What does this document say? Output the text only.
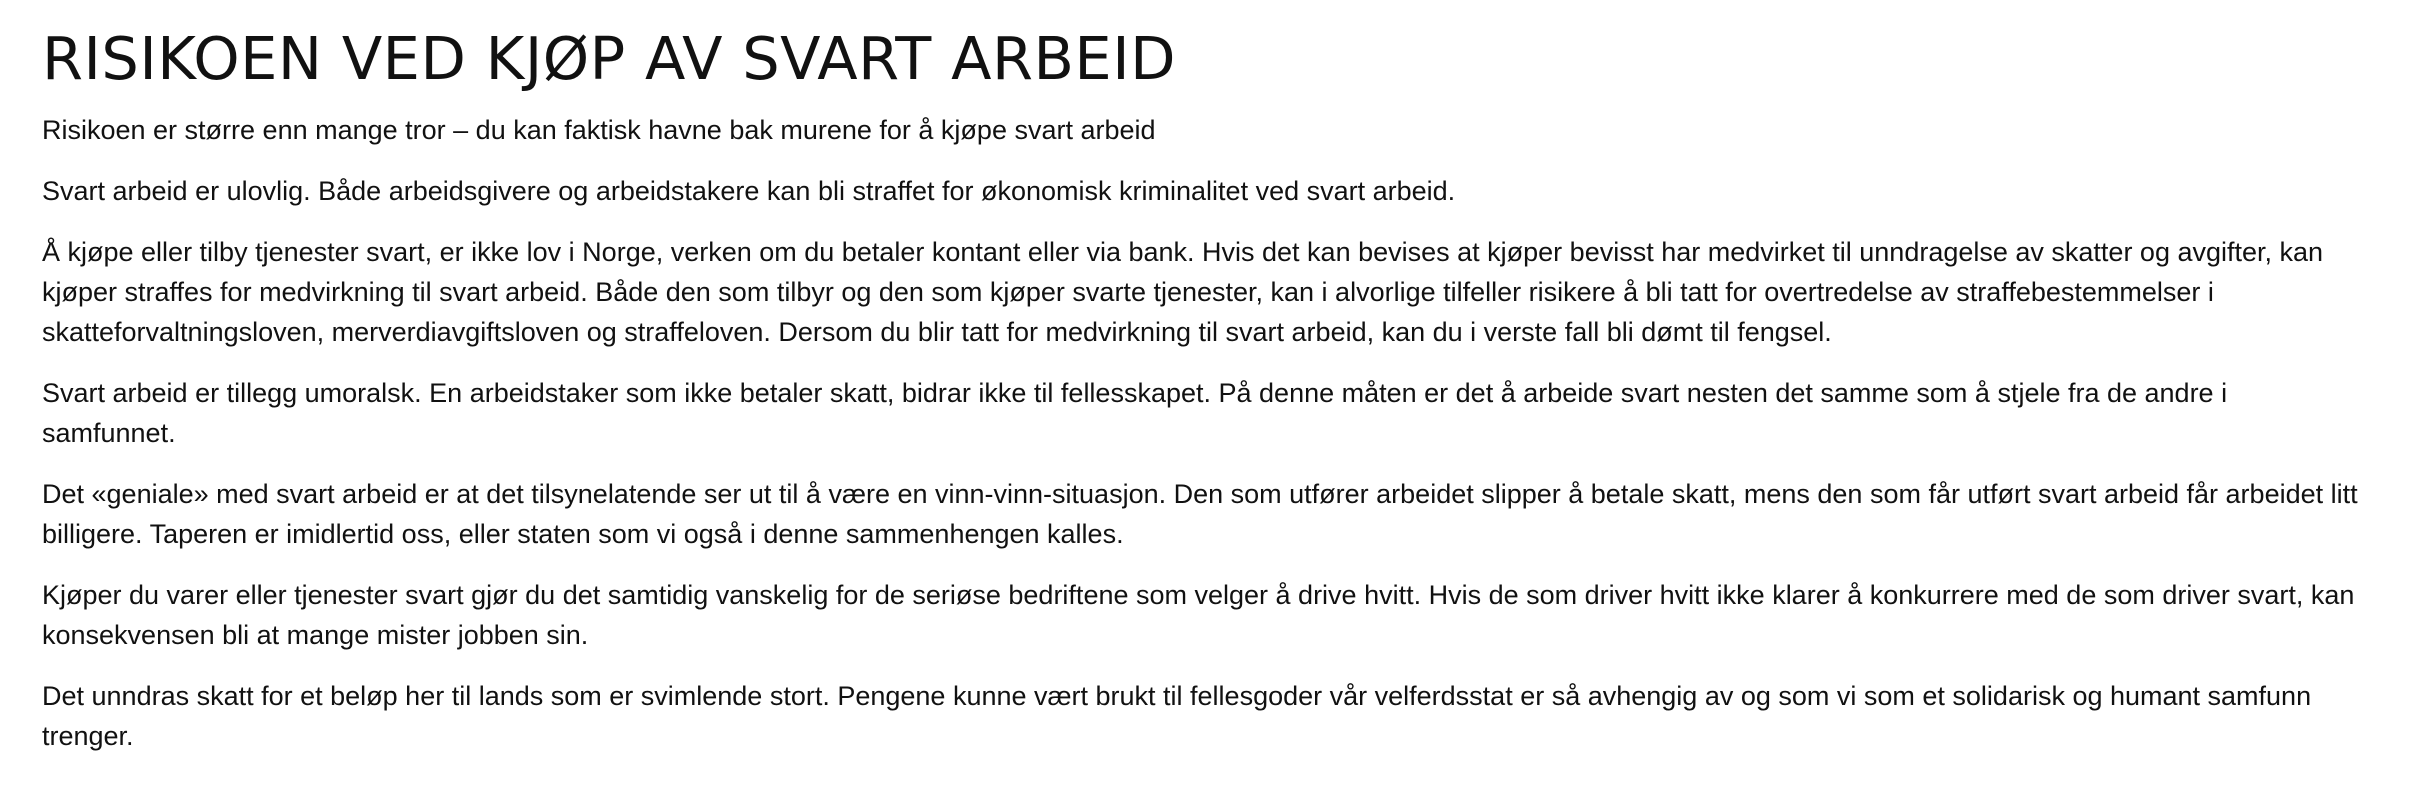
RISIKOEN VED KJØP AV SVART ARBEID

Risikoen er større enn mange tror – du kan faktisk havne bak murene for å kjøpe svart arbeid

Svart arbeid er ulovlig. Både arbeidsgivere og arbeidstakere kan bli straffet for økonomisk kriminalitet ved svart arbeid.

Å kjøpe eller tilby tjenester svart, er ikke lov i Norge, verken om du betaler kontant eller via bank. Hvis det kan bevises at kjøper bevisst har medvirket til unndragelse av skatter og avgifter, kan kjøper straffes for medvirkning til svart arbeid. Både den som tilbyr og den som kjøper svarte tjenester, kan i alvorlige tilfeller risikere å bli tatt for overtredelse av straffebestemmelser i skatteforvaltningsloven, merverdiavgiftsloven og straffeloven. Dersom du blir tatt for medvirkning til svart arbeid, kan du i verste fall bli dømt til fengsel.

Svart arbeid er tillegg umoralsk. En arbeidstaker som ikke betaler skatt, bidrar ikke til fellesskapet. På denne måten er det å arbeide svart nesten det samme som å stjele fra de andre i samfunnet.

Det «geniale» med svart arbeid er at det tilsynelatende ser ut til å være en vinn-vinn-situasjon. Den som utfører arbeidet slipper å betale skatt, mens den som får utført svart arbeid får arbeidet litt billigere. Taperen er imidlertid oss, eller staten som vi også i denne sammenhengen kalles.

Kjøper du varer eller tjenester svart gjør du det samtidig vanskelig for de seriøse bedriftene som velger å drive hvitt. Hvis de som driver hvitt ikke klarer å konkurrere med de som driver svart, kan konsekvensen bli at mange mister jobben sin.

Det unndras skatt for et beløp her til lands som er svimlende stort. Pengene kunne vært brukt til fellesgoder vår velferdsstat er så avhengig av og som vi som et solidarisk og humant samfunn trenger.
